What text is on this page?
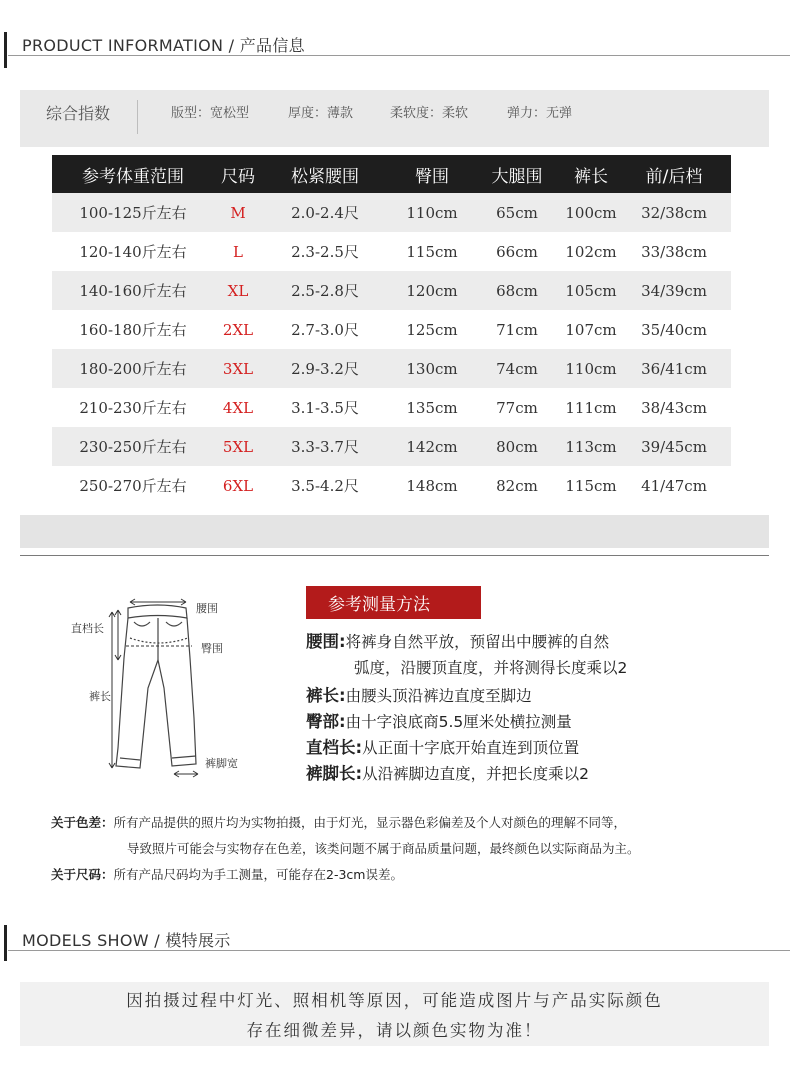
PRODUCT INFORMATION / 产品信息
综合指数	版型：宽松型	厚度：薄款	柔软度：柔软	弹力：无弹
参考体重范围	尺码	松紧腰围	臀围	大腿围	裤长	前/后档
100-125斤左右	M	2.0-2.4尺	110cm	65cm	100cm	32/38cm
120-140斤左右	L	2.3-2.5尺	115cm	66cm	102cm	33/38cm
140-160斤左右	XL	2.5-2.8尺	120cm	68cm	105cm	34/39cm
160-180斤左右	2XL	2.7-3.0尺	125cm	71cm	107cm	35/40cm
180-200斤左右	3XL	2.9-3.2尺	130cm	74cm	110cm	36/41cm
210-230斤左右	4XL	3.1-3.5尺	135cm	77cm	111cm	38/43cm
230-250斤左右	5XL	3.3-3.7尺	142cm	80cm	113cm	39/45cm
250-270斤左右	6XL	3.5-4.2尺	148cm	82cm	115cm	41/47cm
腰围
直档长
臀围
裤长
裤脚宽
参考测量方法
腰围:将裤身自然平放，预留出中腰裤的自然
弧度，沿腰顶直度，并将测得长度乘以2
裤长:由腰头顶沿裤边直度至脚边
臀部:由十字浪底商5.5厘米处横拉测量
直档长:从正面十字底开始直连到顶位置
裤脚长:从沿裤脚边直度，并把长度乘以2
关于色差：所有产品提供的照片均为实物拍摄，由于灯光，显示器色彩偏差及个人对颜色的理解不同等，
导致照片可能会与实物存在色差，该类问题不属于商品质量问题，最终颜色以实际商品为主。
关于尺码：所有产品尺码均为手工测量，可能存在2-3cm误差。
MODELS SHOW / 模特展示
因拍摄过程中灯光、照相机等原因，可能造成图片与产品实际颜色
存在细微差异，请以颜色实物为准！
